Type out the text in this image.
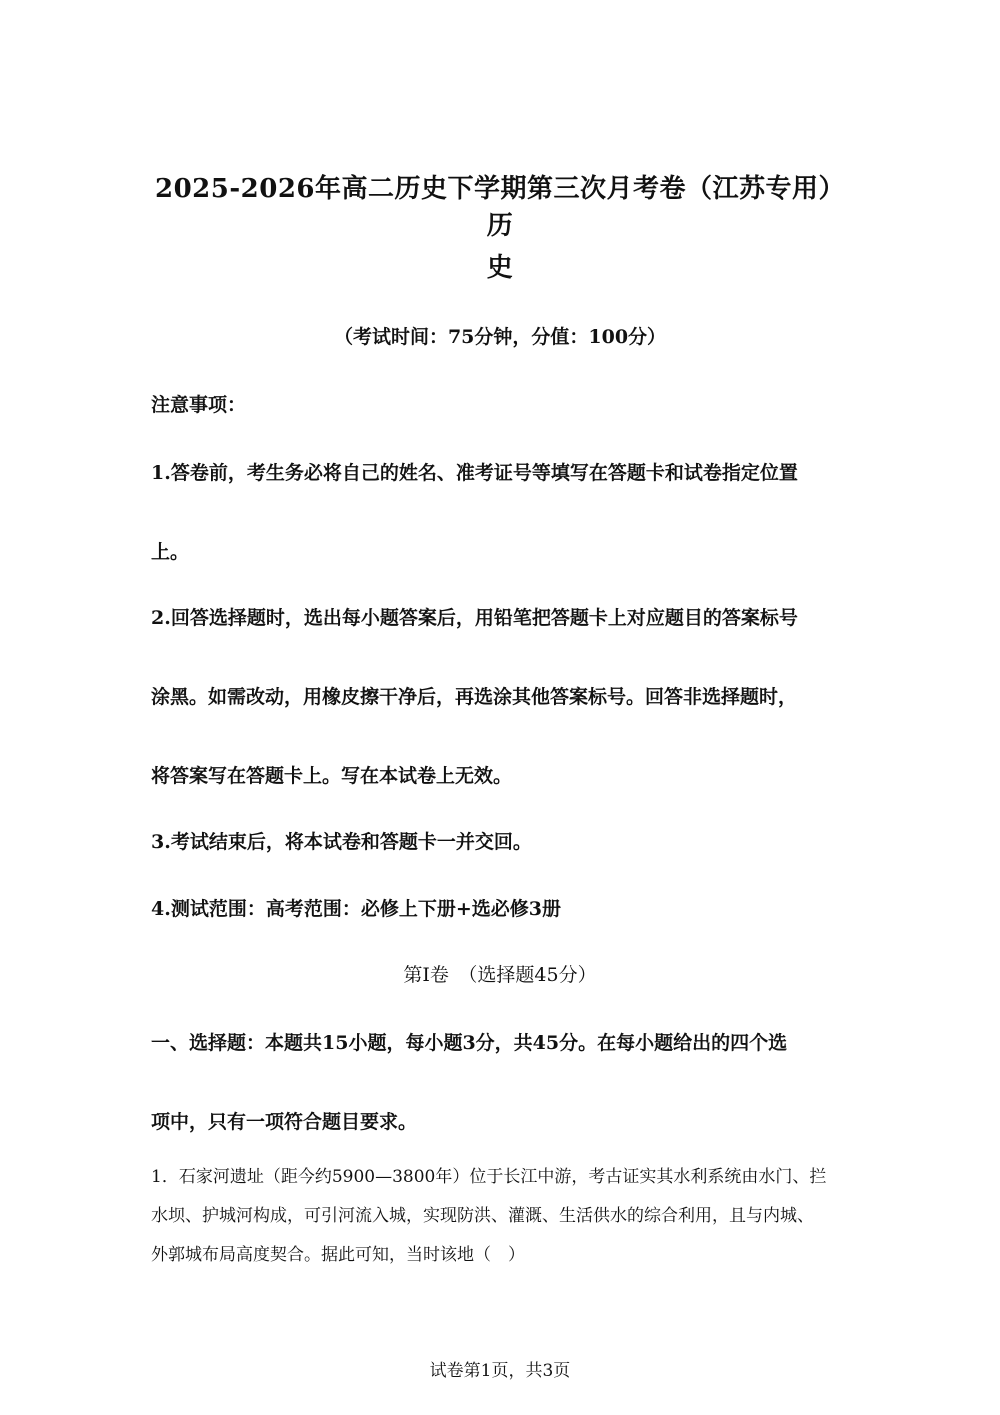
2025-2026年高二历史下学期第三次月考卷（江苏专用）历
史
（考试时间：75分钟，分值：100分）
注意事项：
1.答卷前，考生务必将自己的姓名、准考证号等填写在答题卡和试卷指定位置
上。
2.回答选择题时，选出每小题答案后，用铅笔把答题卡上对应题目的答案标号
涂黑。如需改动，用橡皮擦干净后，再选涂其他答案标号。回答非选择题时，
将答案写在答题卡上。写在本试卷上无效。
3.考试结束后，将本试卷和答题卡一并交回。
4.测试范围：高考范围：必修上下册+选必修3册
第Ⅰ卷　（选择题45分）
一、选择题：本题共15小题，每小题3分，共45分。在每小题给出的四个选
项中，只有一项符合题目要求。
1．石家河遗址（距今约5900—3800年）位于长江中游，考古证实其水利系统由水门、拦
水坝、护城河构成，可引河流入城，实现防洪、灌溉、生活供水的综合利用，且与内城、
外郭城布局高度契合。据此可知，当时该地（　）
试卷第1页，共3页
